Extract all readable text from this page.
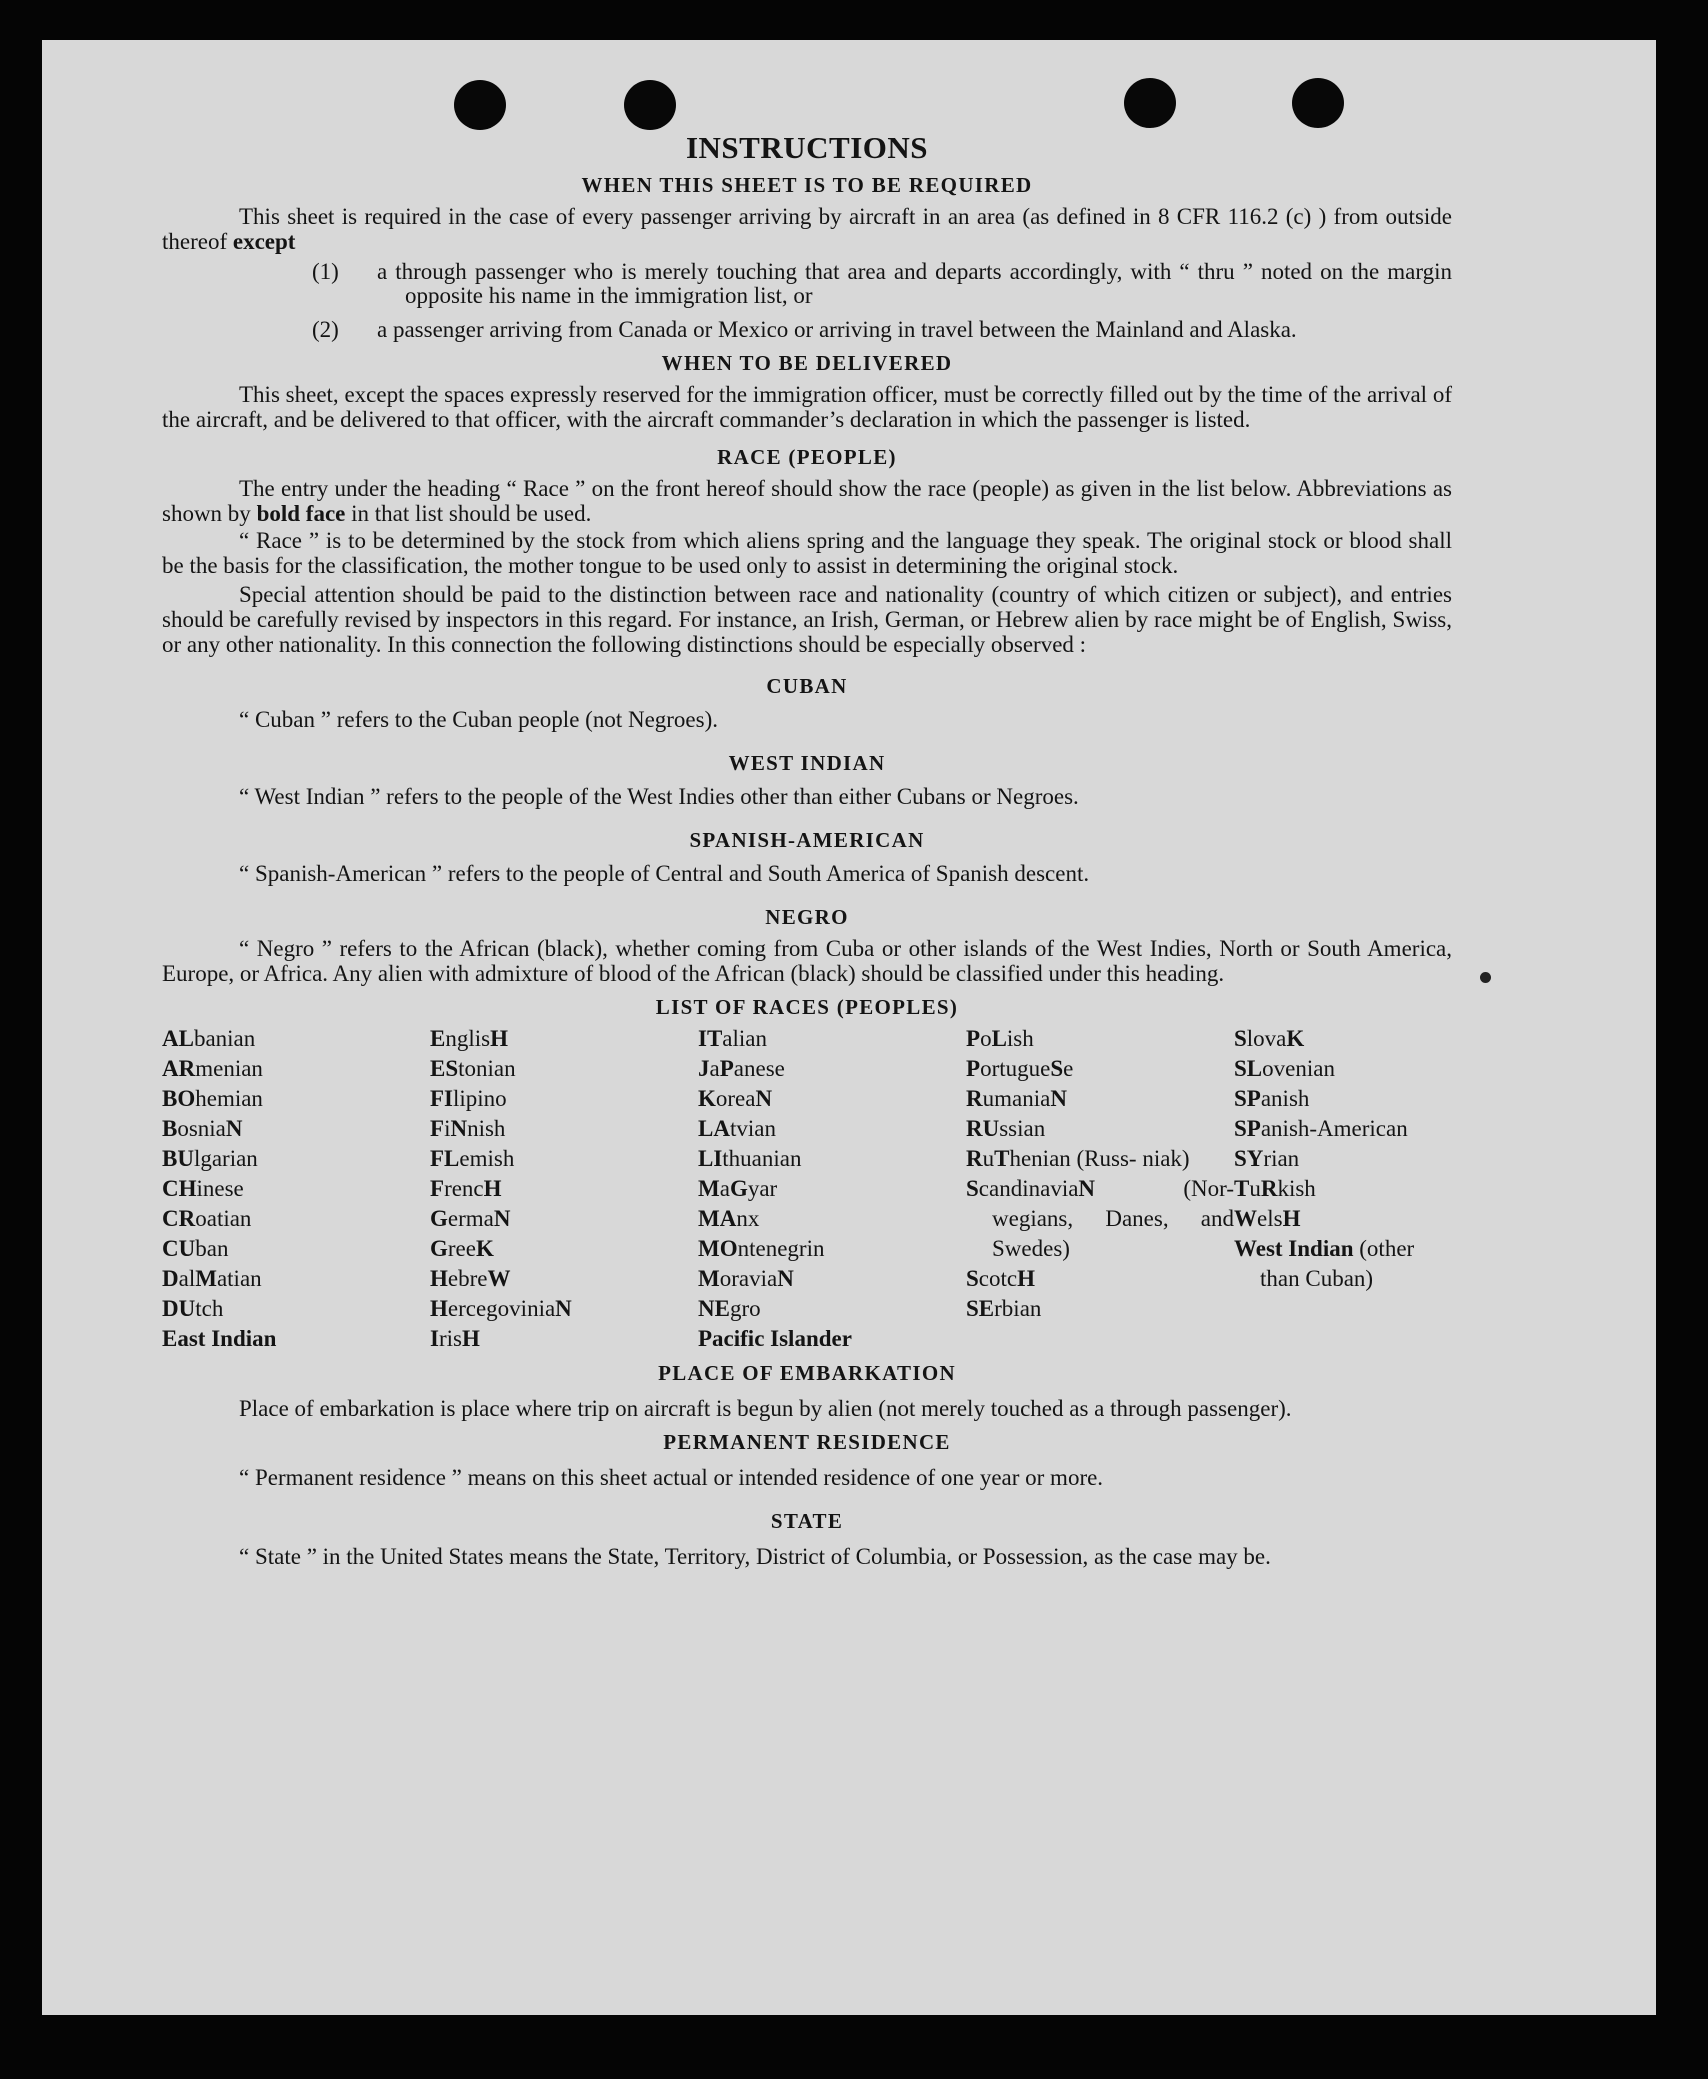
INSTRUCTIONS
WHEN THIS SHEET IS TO BE REQUIRED

This sheet is required in the case of every passenger arriving by aircraft in an area (as defined in 8 CFR 116.2 (c) ) from outside thereof except

(1)	a through passenger who is merely touching that area and departs accordingly, with “ thru ” noted on the margin opposite his name in the immigration list, or
(2)	a passenger arriving from Canada or Mexico or arriving in travel between the Mainland and Alaska.
WHEN TO BE DELIVERED

This sheet, except the spaces expressly reserved for the immigration officer, must be correctly filled out by the time of the arrival of the aircraft, and be delivered to that officer, with the aircraft commander’s declaration in which the passenger is listed.

RACE (PEOPLE)

The entry under the heading “ Race ” on the front hereof should show the race (people) as given in the list below. Abbreviations as shown by bold face in that list should be used.

“ Race ” is to be determined by the stock from which aliens spring and the language they speak. The original stock or blood shall be the basis for the classification, the mother tongue to be used only to assist in determining the original stock.

Special attention should be paid to the distinction between race and nationality (country of which citizen or subject), and entries should be carefully revised by inspectors in this regard. For instance, an Irish, German, or Hebrew alien by race might be of English, Swiss, or any other nationality. In this connection the following distinctions should be especially observed :

CUBAN

“ Cuban ” refers to the Cuban people (not Negroes).

WEST INDIAN

“ West Indian ” refers to the people of the West Indies other than either Cubans or Negroes.

SPANISH-AMERICAN

“ Spanish-American ” refers to the people of Central and South America of Spanish descent.

NEGRO

“ Negro ” refers to the African (black), whether coming from Cuba or other islands of the West Indies, North or South America, Europe, or Africa. Any alien with admixture of blood of the African (black) should be classified under this heading.

LIST OF RACES (PEOPLES)
ALbanian
ARmenian
BOhemian
BosniaN
BUlgarian
CHinese
CRoatian
CUban
DalMatian
DUtch
East Indian
EnglisH
EStonian
FIlipino
FiNnish
FLemish
FrencH
GermaN
GreeK
HebreW
HercegoviniaN
IrisH
ITalian
JaPanese
KoreaN
LAtvian
LIthuanian
MaGyar
MAnx
MOntenegrin
MoraviaN
NEgro
Pacific Islander
PoLish
PortugueSe
RumaniaN
RUssian
RuThenian (Russ- niak)
ScandinaviaN	(Nor- wegians, Danes, and Swedes)
ScotcH
SErbian
SlovaK
SLovenian
SPanish
SPanish-American
SYrian
TuRkish
WelsH
West Indian (other than Cuban)
PLACE OF EMBARKATION

Place of embarkation is place where trip on aircraft is begun by alien (not merely touched as a through passenger).

PERMANENT RESIDENCE

“ Permanent residence ” means on this sheet actual or intended residence of one year or more.

STATE

“ State ” in the United States means the State, Territory, District of Columbia, or Possession, as the case may be.
